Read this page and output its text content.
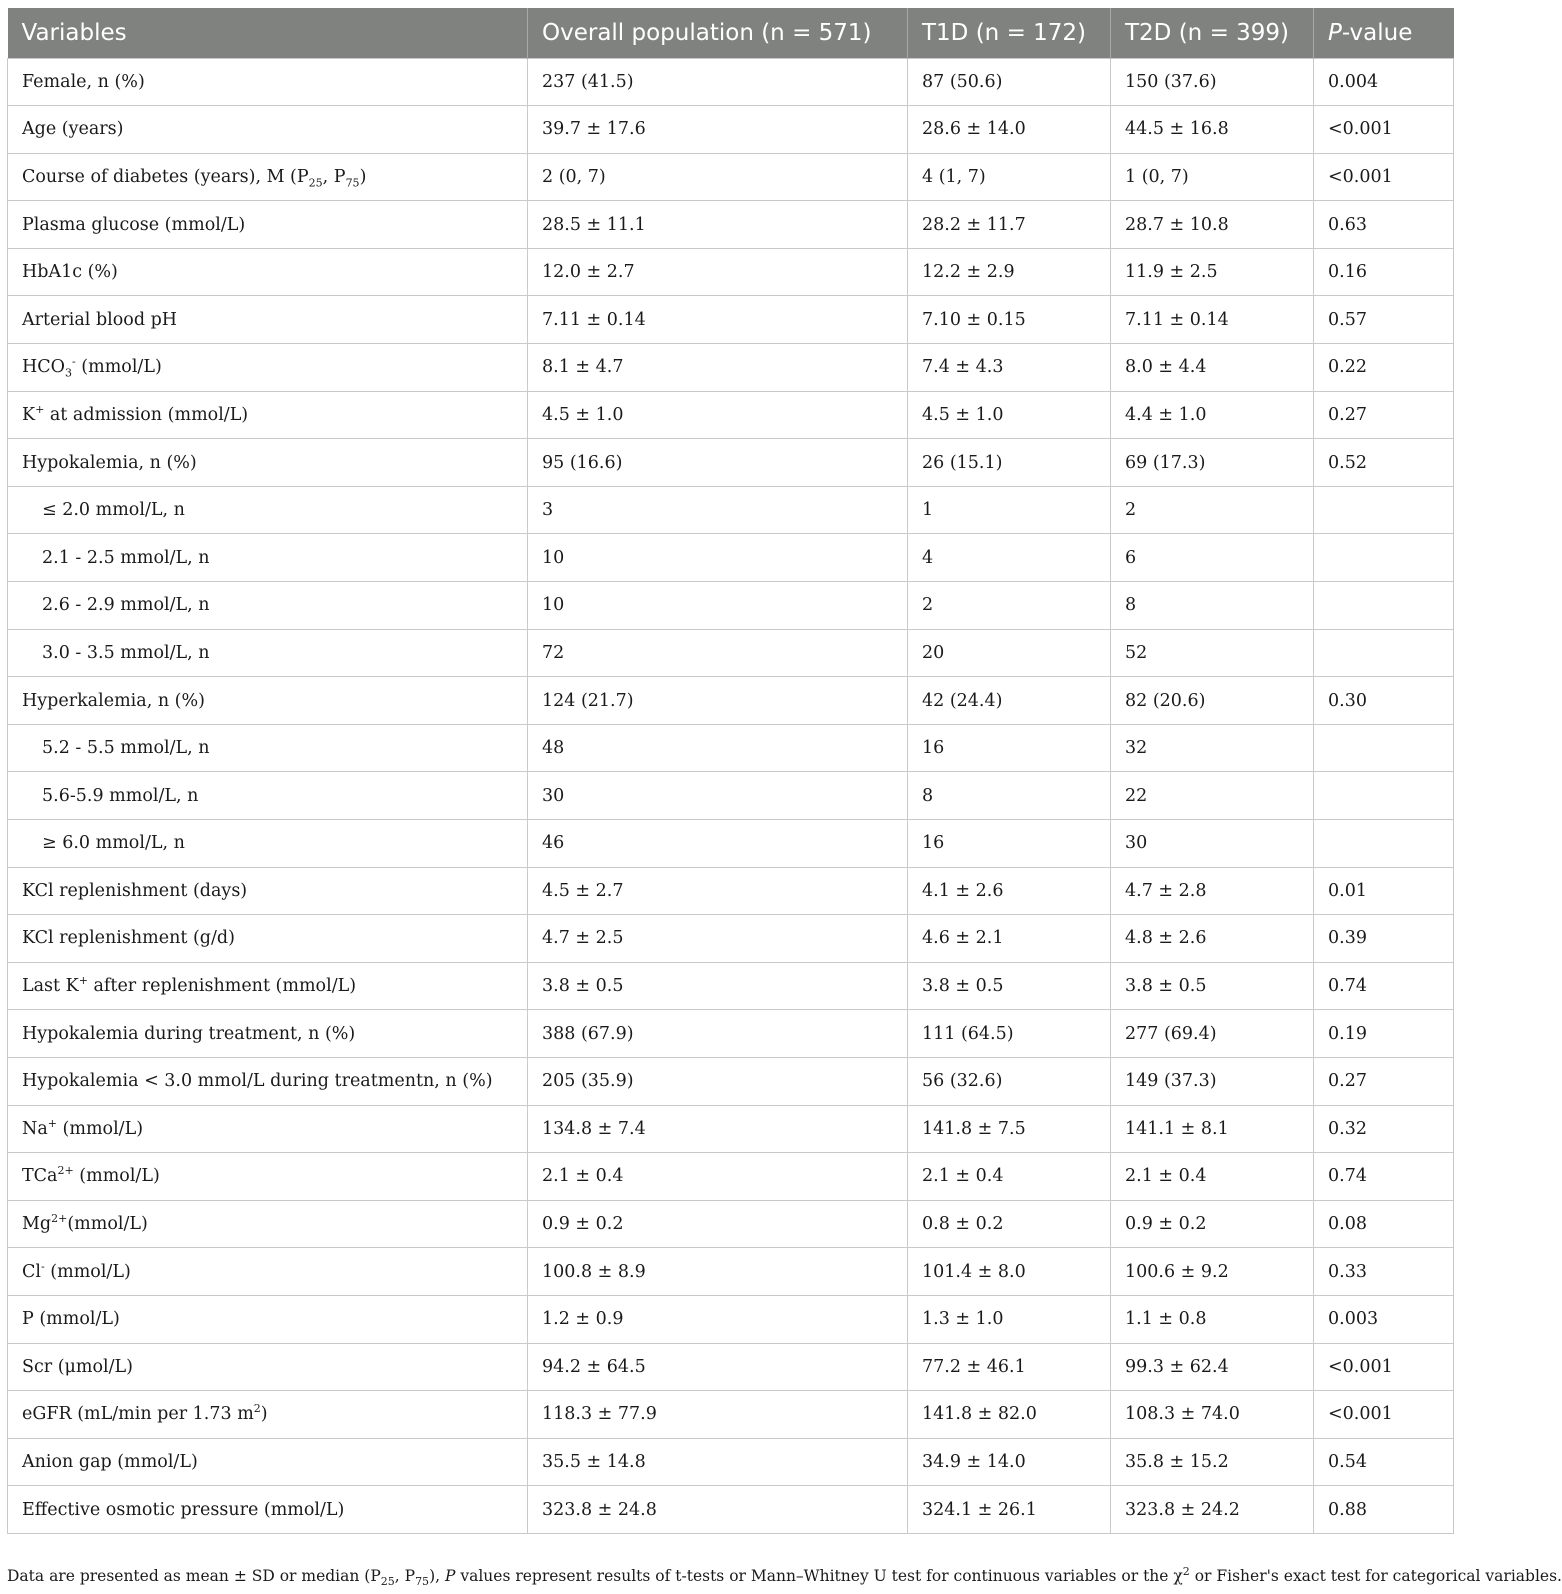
Variables	Overall population (n = 571)	T1D (n = 172)	T2D (n = 399)	P-value
Female, n (%)	237 (41.5)	87 (50.6)	150 (37.6)	0.004
Age (years)	39.7 ± 17.6	28.6 ± 14.0	44.5 ± 16.8	<0.001
Course of diabetes (years), M ($P_{25}$, $P_{75}$)	2 (0, 7)	4 (1, 7)	1 (0, 7)	<0.001
Plasma glucose (mmol/L)	28.5 ± 11.1	28.2 ± 11.7	28.7 ± 10.8	0.63
HbA1c (%)	12.0 ± 2.7	12.2 ± 2.9	11.9 ± 2.5	0.16
Arterial blood pH	7.11 ± 0.14	7.10 ± 0.15	7.11 ± 0.14	0.57
$HCO_3^-$ (mmol/L)	8.1 ± 4.7	7.4 ± 4.3	8.0 ± 4.4	0.22
K+ at admission (mmol/L)	4.5 ± 1.0	4.5 ± 1.0	4.4 ± 1.0	0.27
Hypokalemia, n (%)	95 (16.6)	26 (15.1)	69 (17.3)	0.52
≤ 2.0 mmol/L, n	3	1	2	
2.1 - 2.5 mmol/L, n	10	4	6	
2.6 - 2.9 mmol/L, n	10	2	8	
3.0 - 3.5 mmol/L, n	72	20	52	
Hyperkalemia, n (%)	124 (21.7)	42 (24.4)	82 (20.6)	0.30
5.2 - 5.5 mmol/L, n	48	16	32	
5.6-5.9 mmol/L, n	30	8	22	
≥ 6.0 mmol/L, n	46	16	30	
KCl replenishment (days)	4.5 ± 2.7	4.1 ± 2.6	4.7 ± 2.8	0.01
KCl replenishment (g/d)	4.7 ± 2.5	4.6 ± 2.1	4.8 ± 2.6	0.39
Last K+ after replenishment (mmol/L)	3.8 ± 0.5	3.8 ± 0.5	3.8 ± 0.5	0.74
Hypokalemia during treatment, n (%)	388 (67.9)	111 (64.5)	277 (69.4)	0.19
Hypokalemia < 3.0 mmol/L during treatmentn, n (%)	205 (35.9)	56 (32.6)	149 (37.3)	0.27
Na+ (mmol/L)	134.8 ± 7.4	141.8 ± 7.5	141.1 ± 8.1	0.32
TCa$^{2+}$ (mmol/L)	2.1 ± 0.4	2.1 ± 0.4	2.1 ± 0.4	0.74
$Mg^{2+}(mmol/L)$	0.9 ± 0.2	0.8 ± 0.2	0.9 ± 0.2	0.08
Cl- (mmol/L)	100.8 ± 8.9	101.4 ± 8.0	100.6 ± 9.2	0.33
P (mmol/L)	1.2 ± 0.9	1.3 ± 1.0	1.1 ± 0.8	0.003
Scr (μmol/L)	94.2 ± 64.5	77.2 ± 46.1	99.3 ± 62.4	<0.001
eGFR (mL/min per 1.73 $m^2$)	118.3 ± 77.9	141.8 ± 82.0	108.3 ± 74.0	<0.001
Anion gap (mmol/L)	35.5 ± 14.8	34.9 ± 14.0	35.8 ± 15.2	0.54
Effective osmotic pressure (mmol/L)	323.8 ± 24.8	324.1 ± 26.1	323.8 ± 24.2	0.88
Data are presented as mean ± SD or median ($P_{25}$, $P_{75}$), P values represent results of t-tests or Mann–Whitney U test for continuous variables or the $\chi^2$ or Fisher's exact test for categorical variables.
